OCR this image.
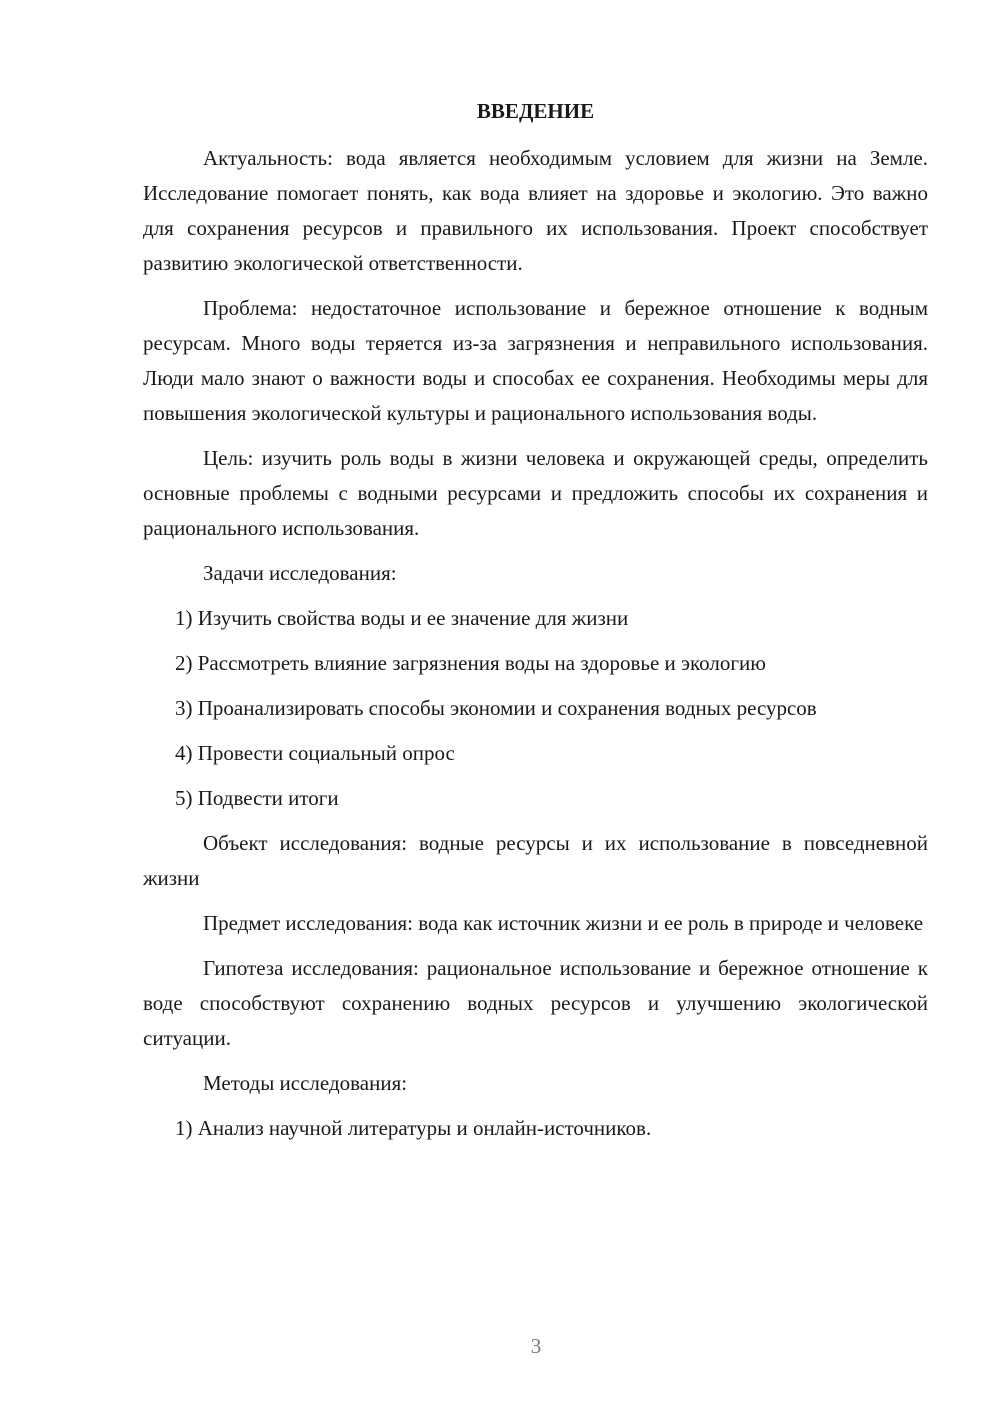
ВВЕДЕНИЕ

Актуальность: вода является необходимым условием для жизни на Земле. Исследование помогает понять, как вода влияет на здоровье и экологию. Это важно для сохранения ресурсов и правильного их использования. Проект способствует развитию экологической ответственности.

Проблема: недостаточное использование и бережное отношение к водным ресурсам. Много воды теряется из-за загрязнения и неправильного использования. Люди мало знают о важности воды и способах ее сохранения. Необходимы меры для повышения экологической культуры и рационального использования воды.

Цель: изучить роль воды в жизни человека и окружающей среды, определить основные проблемы с водными ресурсами и предложить способы их сохранения и рационального использования.

Задачи исследования:

1) Изучить свойства воды и ее значение для жизни

2) Рассмотреть влияние загрязнения воды на здоровье и экологию

3) Проанализировать способы экономии и сохранения водных ресурсов

4) Провести социальный опрос

5) Подвести итоги

Объект исследования: водные ресурсы и их использование в повседневной жизни

Предмет исследования: вода как источник жизни и ее роль в природе и человеке

Гипотеза исследования: рациональное использование и бережное отношение к воде способствуют сохранению водных ресурсов и улучшению экологической ситуации.

Методы исследования:

1) Анализ научной литературы и онлайн-источников.

3
